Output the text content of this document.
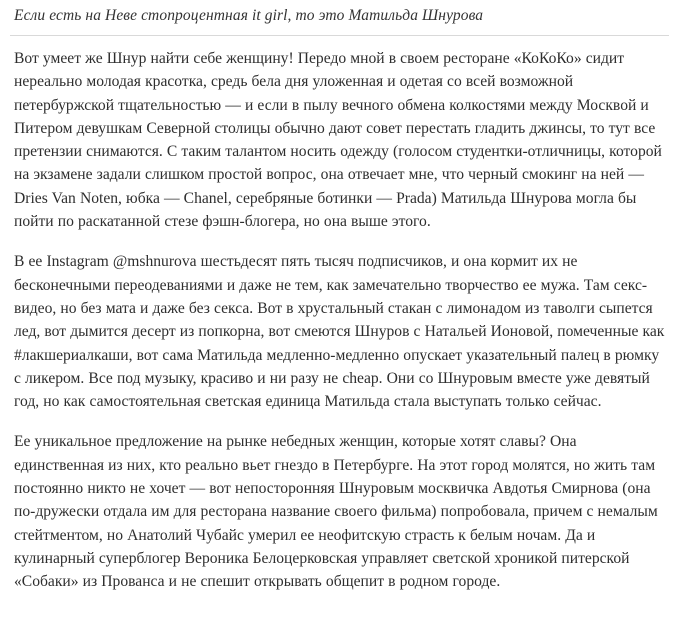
Если есть на Неве стопроцентная it girl, то это Матильда Шнурова

Вот умеет же Шнур найти себе женщину! Передо мной в своем ресторане «КоКоКо» сидит нереально молодая красотка, средь бела дня уложенная и одетая со всей возможной петербуржской тщательностью — и если в пылу вечного обмена колкостями между Москвой и Питером девушкам Северной столицы обычно дают совет перестать гладить джинсы, то тут все претензии снимаются. С таким талантом носить одежду (голосом студентки-отличницы, которой на экзамене задали слишком простой вопрос, она отвечает мне, что черный смокинг на ней — Dries Van Noten, юбка — Chanel, серебряные ботинки — Prada) Матильда Шнурова могла бы пойти по раскатанной стезе фэшн-блогера, но она выше этого.

В ее Instagram @mshnurova шестьдесят пять тысяч подписчиков, и она кормит их не бесконечными переодеваниями и даже не тем, как замечательно творчество ее мужа. Там секс-видео, но без мата и даже без секса. Вот в хрустальный стакан с лимонадом из таволги сыпется лед, вот дымится десерт из попкорна, вот смеются Шнуров с Натальей Ионовой, помеченные как #лакшериалкаши, вот сама Матильда медленно-медленно опускает указательный палец в рюмку с ликером. Все под музыку, красиво и ни разу не cheap. Они со Шнуровым вместе уже девятый год, но как самостоятельная светская единица Матильда стала выступать только сейчас.

Ее уникальное предложение на рынке небедных женщин, которые хотят славы? Она единственная из них, кто реально вьет гнездо в Петербурге. На этот город молятся, но жить там постоянно никто не хочет — вот непосторонняя Шнуровым москвичка Авдотья Смирнова (она по-дружески отдала им для ресторана название своего фильма) попробовала, причем с немалым стейтментом, но Анатолий Чубайс умерил ее неофитскую страсть к белым ночам. Да и кулинарный суперблогер Вероника Белоцерковская управляет светской хроникой питерской «Собаки» из Прованса и не спешит открывать общепит в родном городе.
